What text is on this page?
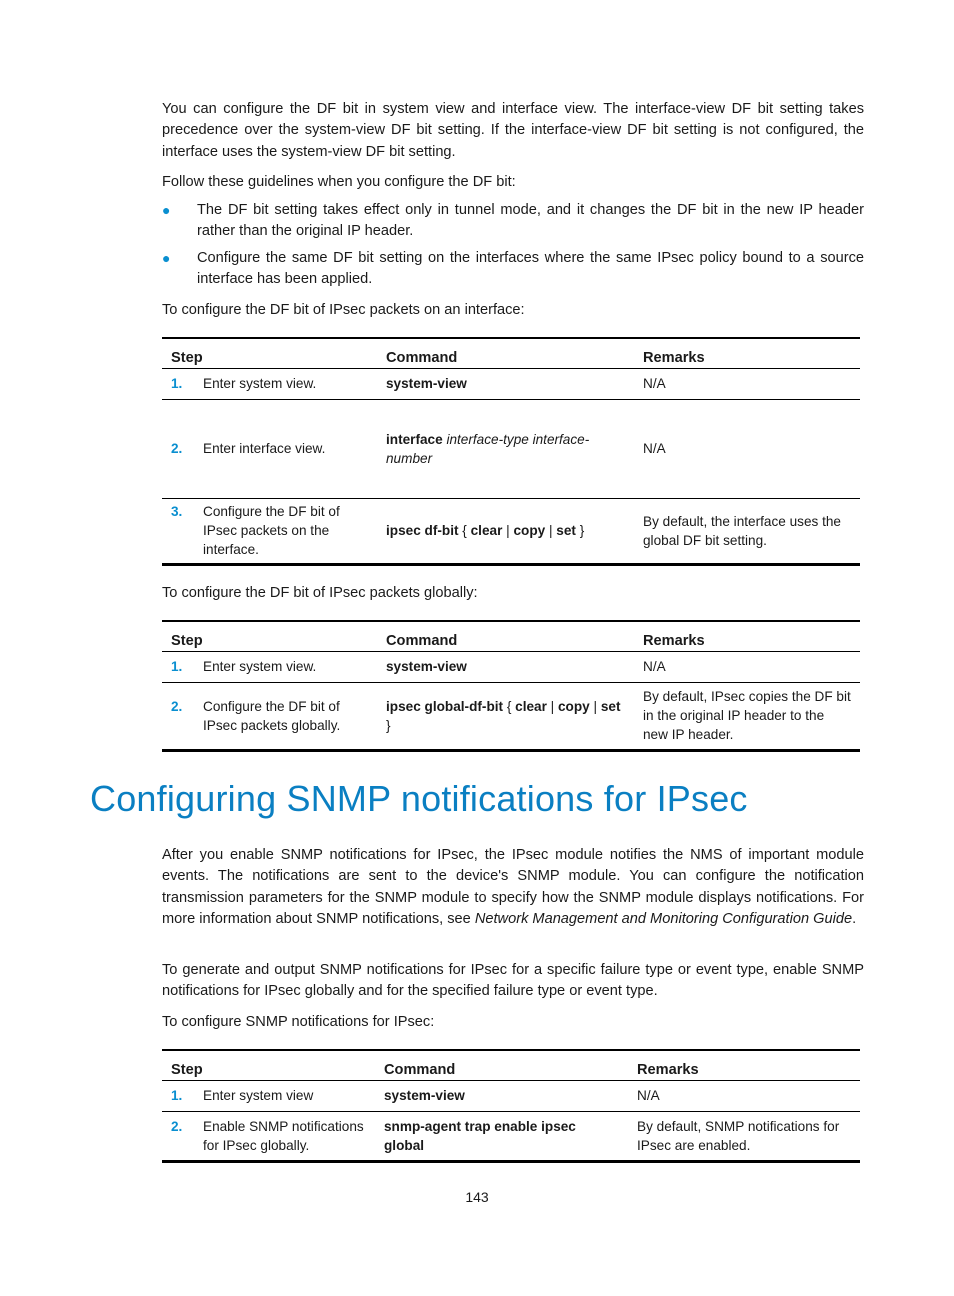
You can configure the DF bit in system view and interface view. The interface-view DF bit setting takes precedence over the system-view DF bit setting. If the interface-view DF bit setting is not configured, the interface uses the system-view DF bit setting.

Follow these guidelines when you configure the DF bit:

● The DF bit setting takes effect only in tunnel mode, and it changes the DF bit in the new IP header rather than the original IP header.
● Configure the same DF bit setting on the interfaces where the same IPsec policy bound to a source interface has been applied.

To configure the DF bit of IPsec packets on an interface:

Step	Command	Remarks

1. Enter system view.	system-view	N/A

2. Enter interface view.	interface interface-type interface-number	N/A

3. Configure the DF bit of IPsec packets on the interface.	ipsec df-bit { clear | copy | set }	By default, the interface uses the global DF bit setting.

To configure the DF bit of IPsec packets globally:

Step	Command	Remarks

1. Enter system view.	system-view	N/A

2. Configure the DF bit of IPsec packets globally.	ipsec global-df-bit { clear | copy | set }	By default, IPsec copies the DF bit in the original IP header to the new IP header.
Configuring SNMP notifications for IPsec

After you enable SNMP notifications for IPsec, the IPsec module notifies the NMS of important module events. The notifications are sent to the device's SNMP module. You can configure the notification transmission parameters for the SNMP module to specify how the SNMP module displays notifications. For more information about SNMP notifications, see Network Management and Monitoring Configuration Guide.

To generate and output SNMP notifications for IPsec for a specific failure type or event type, enable SNMP notifications for IPsec globally and for the specified failure type or event type.

To configure SNMP notifications for IPsec:

Step	Command	Remarks

1. Enter system view	system-view	N/A

2. Enable SNMP notifications for IPsec globally.	snmp-agent trap enable ipsec global	By default, SNMP notifications for IPsec are enabled.
143
